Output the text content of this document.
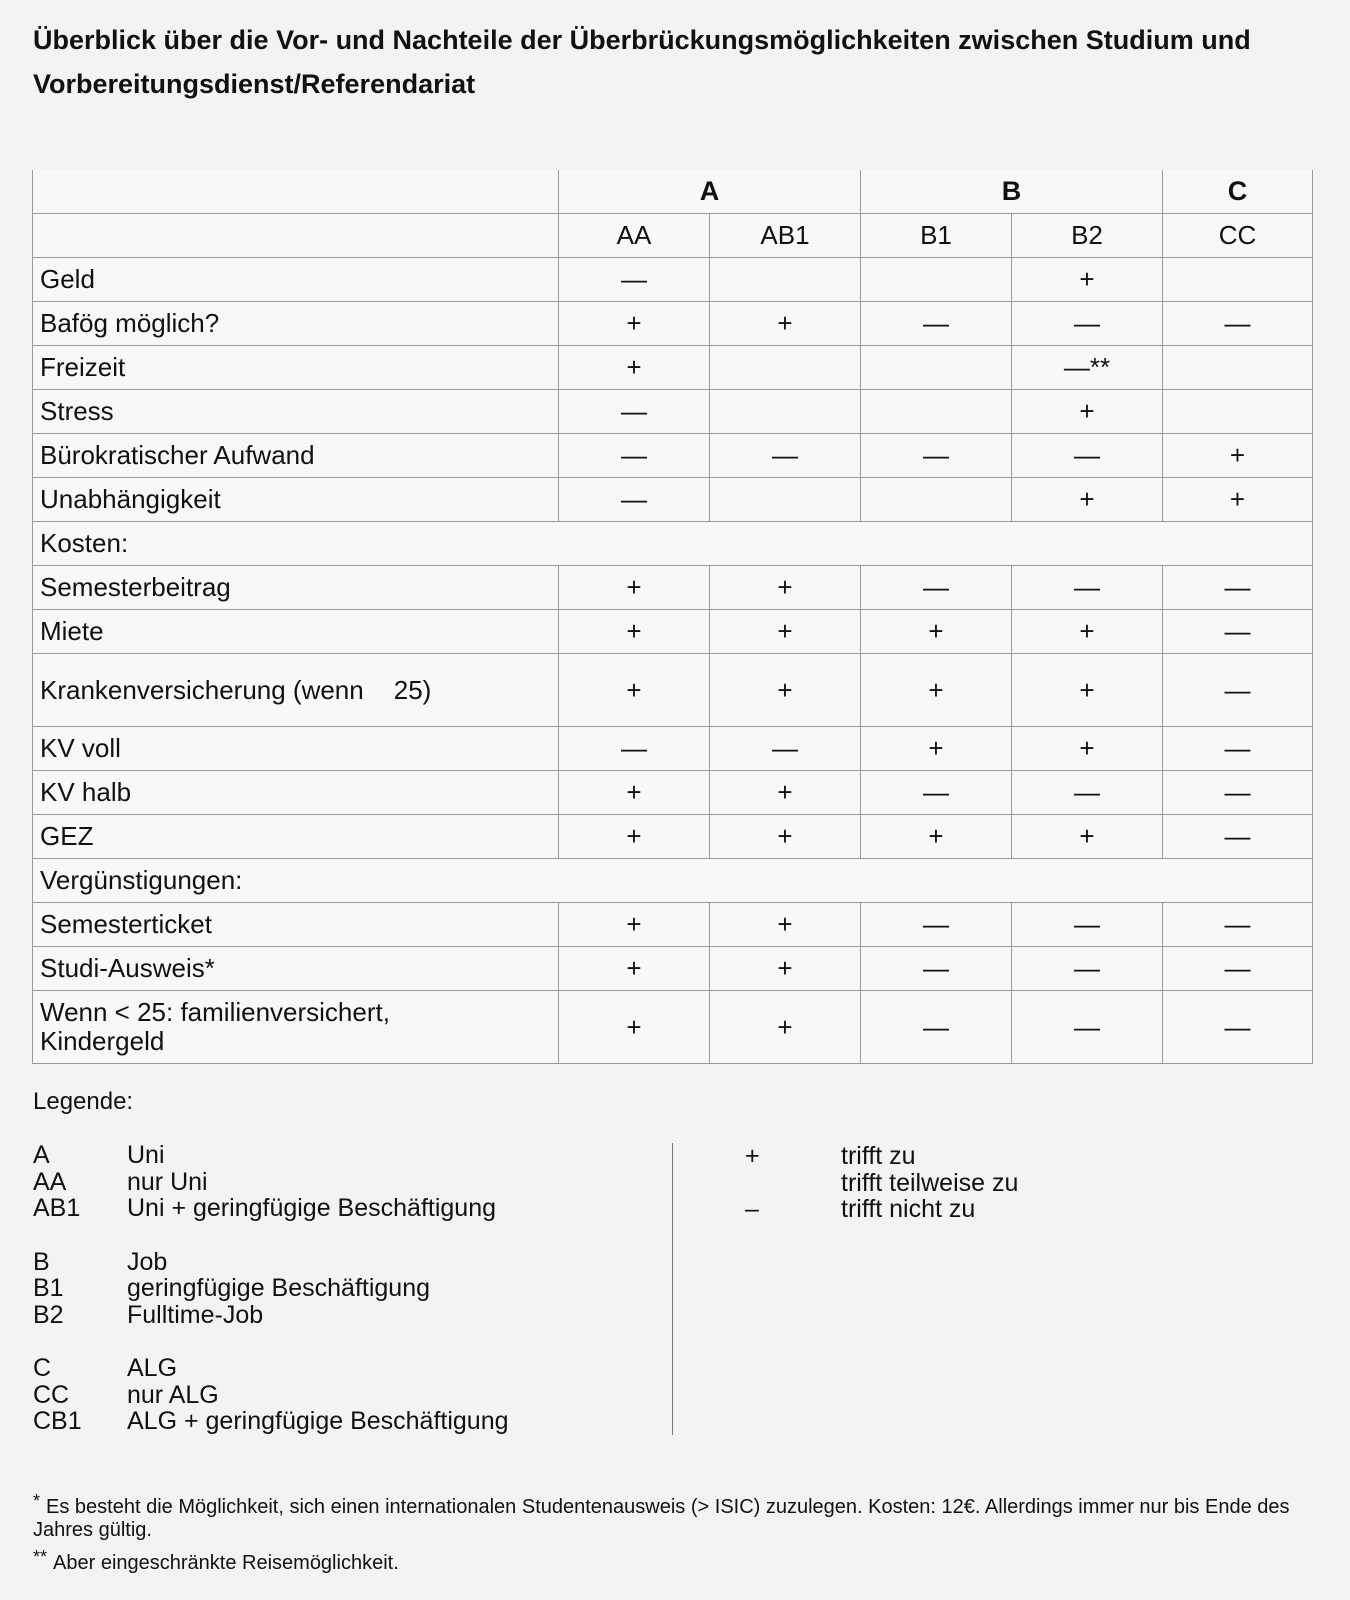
Überblick über die Vor- und Nachteile der Überbrückungsmöglichkeiten zwischen Studium und Vorbereitungsdienst/Referendariat
	A		B		C
	AA	AB1	B1	B2	CC
Geld	—			+	
Bafög möglich?	+	+	—	—	—
Freizeit	+			—**	
Stress	—			+	
Bürokratischer Aufwand	—	—	—	—	+
Unabhängigkeit	—			+	+
Kosten:					
Semesterbeitrag	+	+	—	—	—
Miete	+	+	+	+	—
Krankenversicherung (wenn 25)	+	+	+	+	—
KV voll	—	—	+	+	—
KV halb	+	+	—	—	—
GEZ	+	+	+	+	—
Vergünstigungen:					
Semesterticket	+	+	—	—	—
Studi-Ausweis*	+	+	—	—	—
Wenn < 25: familienversichert,
Kindergeld	+	+	—	—	—

Legende:

A	Uni
AA	nur Uni
AB1	Uni + geringfügige Beschäftigung
B	Job
B1	geringfügige Beschäftigung
B2	Fulltime-Job
C	ALG
CC	nur ALG
CB1	ALG + geringfügige Beschäftigung
+	trifft zu
trifft teilweise zu
–	trifft nicht zu

* Es besteht die Möglichkeit, sich einen internationalen Studentenausweis (> ISIC) zuzulegen. Kosten: 12€. Allerdings immer nur bis Ende des Jahres gültig.

** Aber eingeschränkte Reisemöglichkeit.
